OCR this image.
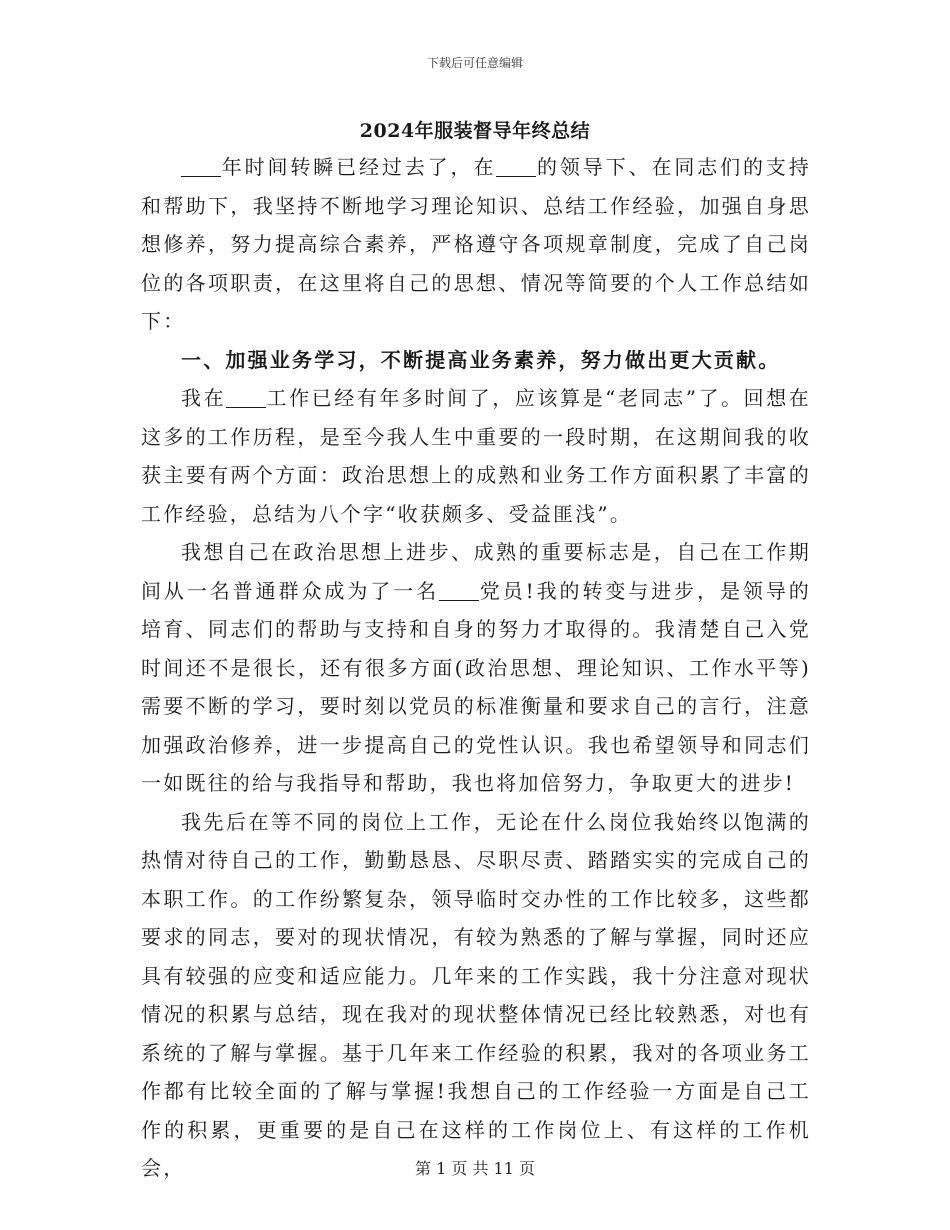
下载后可任意编辑
2024年服装督导年终总结

年时间转瞬已经过去了，在 的领导下、在同志们的支持和帮助下，我坚持不断地学习理论知识、总结工作经验，加强自身思想修养，努力提高综合素养，严格遵守各项规章制度，完成了自己岗位的各项职责，在这里将自己的思想、情况等简要的个人工作总结如下：

一、加强业务学习，不断提高业务素养，努力做出更大贡献。

我在 工作已经有年多时间了，应该算是“老同志”了。回想在这多的工作历程，是至今我人生中重要的一段时期，在这期间我的收获主要有两个方面：政治思想上的成熟和业务工作方面积累了丰富的工作经验，总结为八个字“收获颇多、受益匪浅”。

我想自己在政治思想上进步、成熟的重要标志是，自己在工作期间从一名普通群众成为了一名 党员!我的转变与进步，是领导的培育、同志们的帮助与支持和自身的努力才取得的。我清楚自己入党时间还不是很长，还有很多方面(政治思想、理论知识、工作水平等)需要不断的学习，要时刻以党员的标准衡量和要求自己的言行，注意加强政治修养，进一步提高自己的党性认识。我也希望领导和同志们一如既往的给与我指导和帮助，我也将加倍努力，争取更大的进步!

我先后在等不同的岗位上工作，无论在什么岗位我始终以饱满的热情对待自己的工作，勤勤恳恳、尽职尽责、踏踏实实的完成自己的本职工作。的工作纷繁复杂，领导临时交办性的工作比较多，这些都要求的同志，要对的现状情况，有较为熟悉的了解与掌握，同时还应具有较强的应变和适应能力。几年来的工作实践，我十分注意对现状情况的积累与总结，现在我对的现状整体情况已经比较熟悉，对也有系统的了解与掌握。基于几年来工作经验的积累，我对的各项业务工作都有比较全面的了解与掌握!我想自己的工作经验一方面是自己工作的积累，更重要的是自己在这样的工作岗位上、有这样的工作机会，	第 1 页 共 11 页
